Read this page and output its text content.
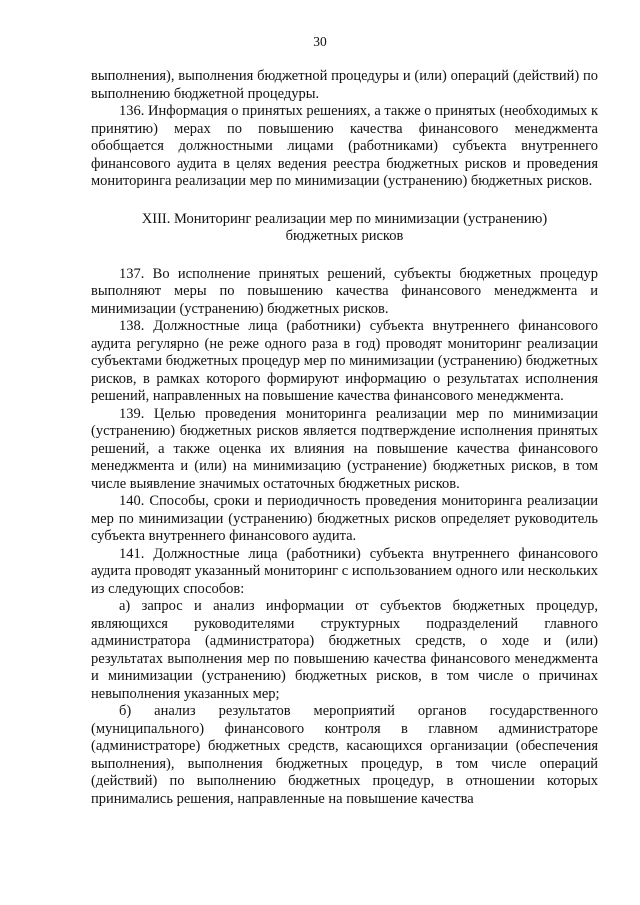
30

выполнения), выполнения бюджетной процедуры и (или) операций (действий) по выполнению бюджетной процедуры.

136. Информация о принятых решениях, а также о принятых (необходимых к принятию) мерах по повышению качества финансового менеджмента обобщается должностными лицами (работниками) субъекта внутреннего финансового аудита в целях ведения реестра бюджетных рисков и проведения мониторинга реализации мер по минимизации (устранению) бюджетных рисков.

XIII. Мониторинг реализации мер по минимизации (устранению)
бюджетных рисков

137. Во исполнение принятых решений, субъекты бюджетных процедур выполняют меры по повышению качества финансового менеджмента и минимизации (устранению) бюджетных рисков.

138. Должностные лица (работники) субъекта внутреннего финансового аудита регулярно (не реже одного раза в год) проводят мониторинг реализации субъектами бюджетных процедур мер по минимизации (устранению) бюджетных рисков, в рамках которого формируют информацию о результатах исполнения решений, направленных на повышение качества финансового менеджмента.

139. Целью проведения мониторинга реализации мер по минимизации (устранению) бюджетных рисков является подтверждение исполнения принятых решений, а также оценка их влияния на повышение качества финансового менеджмента и (или) на минимизацию (устранение) бюджетных рисков, в том числе выявление значимых остаточных бюджетных рисков.

140. Способы, сроки и периодичность проведения мониторинга реализации мер по минимизации (устранению) бюджетных рисков определяет руководитель субъекта внутреннего финансового аудита.

141. Должностные лица (работники) субъекта внутреннего финансового аудита проводят указанный мониторинг с использованием одного или нескольких из следующих способов:

а) запрос и анализ информации от субъектов бюджетных процедур, являющихся руководителями структурных подразделений главного администратора (администратора) бюджетных средств, о ходе и (или) результатах выполнения мер по повышению качества финансового менеджмента и минимизации (устранению) бюджетных рисков, в том числе о причинах невыполнения указанных мер;

б) анализ результатов мероприятий органов государственного (муниципального) финансового контроля в главном администраторе (администраторе) бюджетных средств, касающихся организации (обеспечения выполнения), выполнения бюджетных процедур, в том числе операций (действий) по выполнению бюджетных процедур, в отношении которых принимались решения, направленные на повышение качества
